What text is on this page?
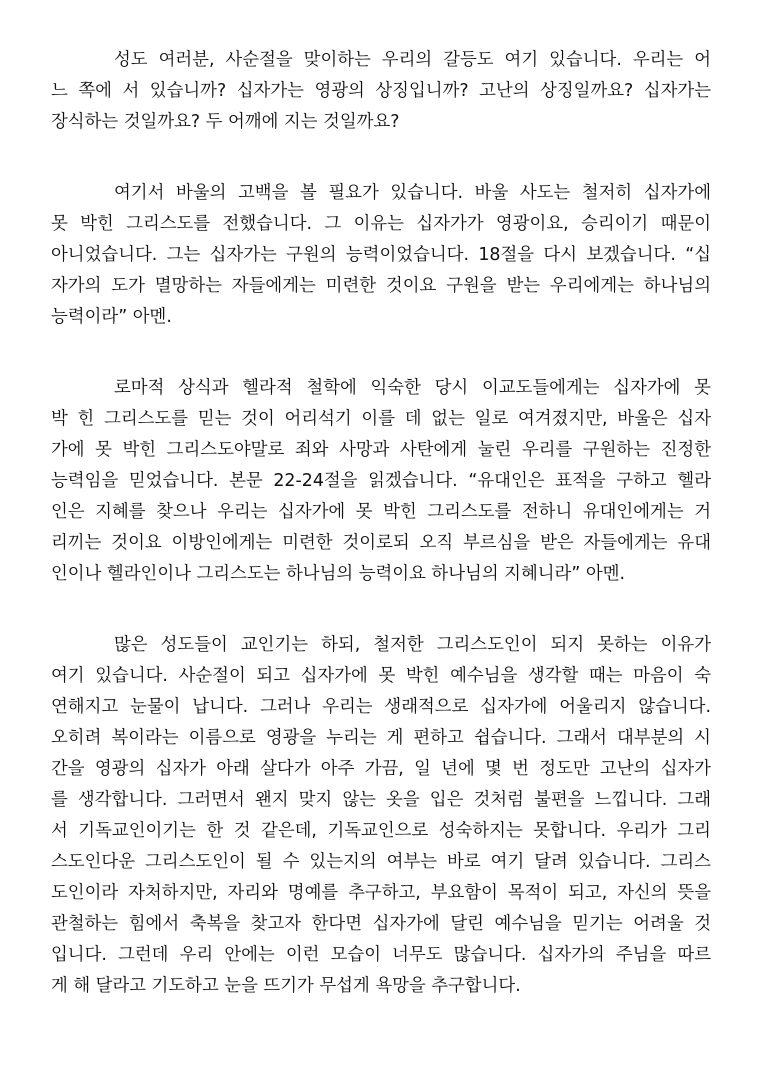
성도 여러분, 사순절을 맞이하는 우리의 갈등도 여기 있습니다. 우리는 어
느 쪽에 서 있습니까? 십자가는 영광의 상징입니까? 고난의 상징일까요? 십자가는
장식하는 것일까요? 두 어깨에 지는 것일까요?
여기서 바울의 고백을 볼 필요가 있습니다. 바울 사도는 철저히 십자가에
못 박힌 그리스도를 전했습니다. 그 이유는 십자가가 영광이요, 승리이기 때문이
아니었습니다. 그는 십자가는 구원의 능력이었습니다. 18절을 다시 보겠습니다. “십
자가의 도가 멸망하는 자들에게는 미련한 것이요 구원을 받는 우리에게는 하나님의
능력이라” 아멘.
로마적 상식과 헬라적 철학에 익숙한 당시 이교도들에게는 십자가에 못
박 힌 그리스도를 믿는 것이 어리석기 이를 데 없는 일로 여겨졌지만, 바울은 십자
가에 못 박힌 그리스도야말로 죄와 사망과 사탄에게 눌린 우리를 구원하는 진정한
능력임을 믿었습니다. 본문 22-24절을 읽겠습니다. “유대인은 표적을 구하고 헬라
인은 지혜를 찾으나 우리는 십자가에 못 박힌 그리스도를 전하니 유대인에게는 거
리끼는 것이요 이방인에게는 미련한 것이로되 오직 부르심을 받은 자들에게는 유대
인이나 헬라인이나 그리스도는 하나님의 능력이요 하나님의 지혜니라” 아멘.
많은 성도들이 교인기는 하되, 철저한 그리스도인이 되지 못하는 이유가
여기 있습니다. 사순절이 되고 십자가에 못 박힌 예수님을 생각할 때는 마음이 숙
연해지고 눈물이 납니다. 그러나 우리는 생래적으로 십자가에 어울리지 않습니다.
오히려 복이라는 이름으로 영광을 누리는 게 편하고 쉽습니다. 그래서 대부분의 시
간을 영광의 십자가 아래 살다가 아주 가끔, 일 년에 몇 번 정도만 고난의 십자가
를 생각합니다. 그러면서 왠지 맞지 않는 옷을 입은 것처럼 불편을 느낍니다. 그래
서 기독교인이기는 한 것 같은데, 기독교인으로 성숙하지는 못합니다. 우리가 그리
스도인다운 그리스도인이 될 수 있는지의 여부는 바로 여기 달려 있습니다. 그리스
도인이라 자처하지만, 자리와 명예를 추구하고, 부요함이 목적이 되고, 자신의 뜻을
관철하는 힘에서 축복을 찾고자 한다면 십자가에 달린 예수님을 믿기는 어려울 것
입니다. 그런데 우리 안에는 이런 모습이 너무도 많습니다. 십자가의 주님을 따르
게 해 달라고 기도하고 눈을 뜨기가 무섭게 욕망을 추구합니다.
